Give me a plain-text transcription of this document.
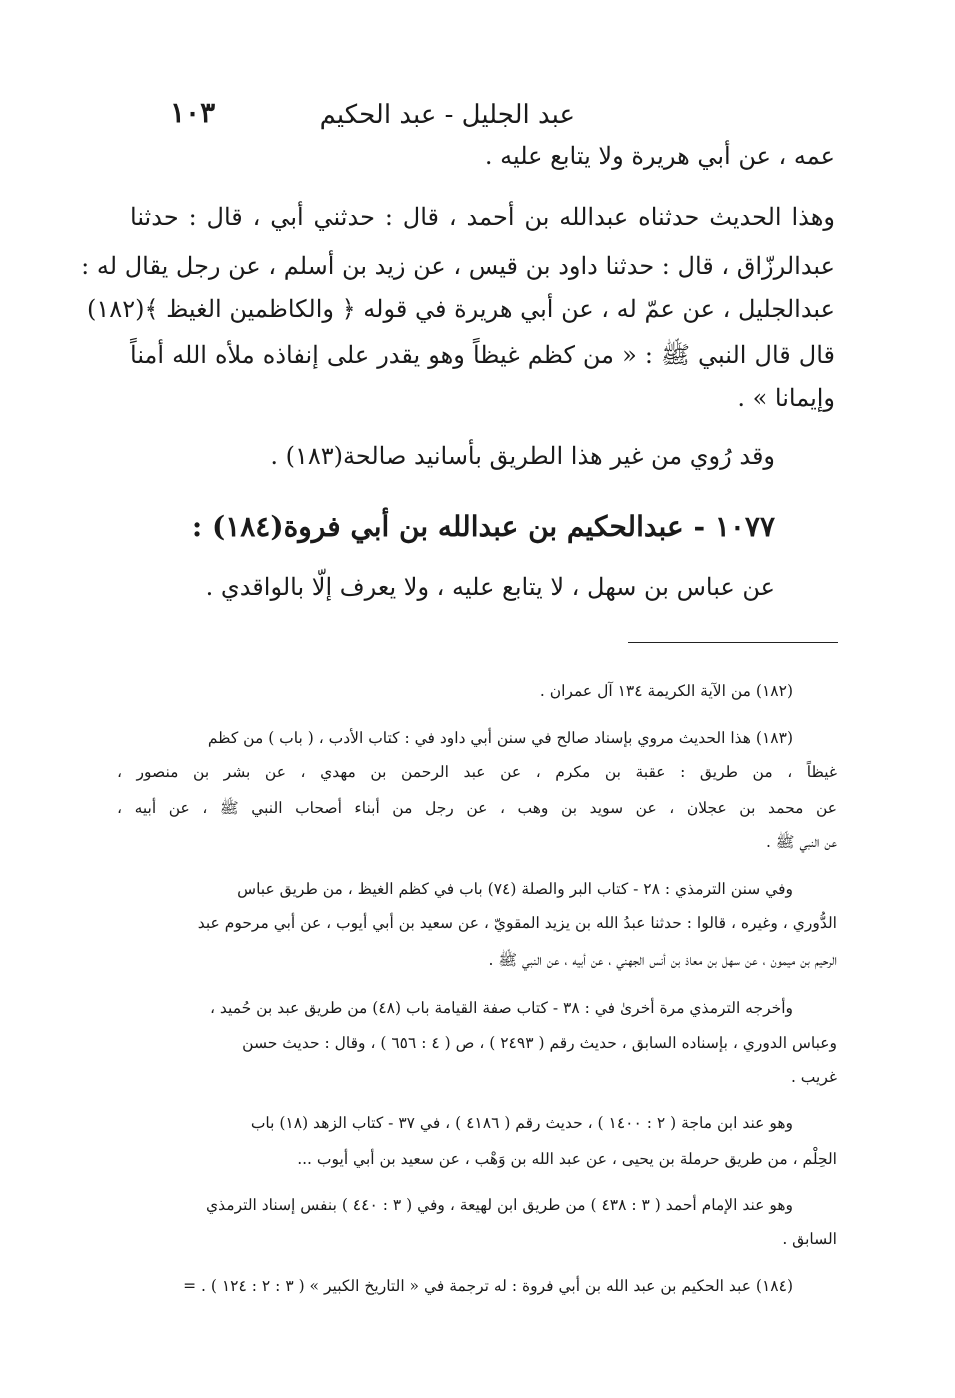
١٠٣	عبد الجليل - عبد الحكيم
عمه ، عن أبي هريرة ولا يتابع عليه .
وهذا الحديث حدثناه عبدالله بن أحمد ، قال : حدثني أبي ، قال : حدثنا
عبدالرزّاق ، قال : حدثنا داود بن قيس ، عن زيد بن أسلم ، عن رجل يقال له :
عبدالجليل ، عن عمّ له ، عن أبي هريرة في قوله ﴿ والكاظمين الغيظ ﴾(١٨٢)
قال قال النبي ﷺ : « من كظم غيظاً وهو يقدر على إنفاذه ملأه الله أمناً
وإيمانا » .
وقد رُوي من غير هذا الطريق بأسانيد صالحة(١٨٣) .
١٠٧٧ - عبدالحكيم بن عبدالله بن أبي فروة(١٨٤) :
عن عباس بن سهل ، لا يتابع عليه ، ولا يعرف إلّا بالواقدي .
(١٨٢) من الآية الكريمة ١٣٤ آل عمران .
(١٨٣) هذا الحديث مروي بإسناد صالح في سنن أبي داود في : كتاب الأدب ، ( باب ) من كظم
غيظاً ، من طريق : عقبة بن مكرم ، عن عبد الرحمن بن مهدي ، عن بشر بن منصور ،
عن محمد بن عجلان ، عن سويد بن وهب ، عن رجل من أبناء أصحاب النبي ﷺ ، عن أبيه ،
عن النبي ﷺ .
وفي سنن الترمذي : ٢٨ - كتاب البر والصلة (٧٤) باب في كظم الغيظ ، من طريق عباس
الدُّوري ، وغيره ، قالوا : حدثنا عبدُ الله بن يزيد المقويّ ، عن سعيد بن أبي أيوب ، عن أبي مرحوم عبد
الرحيم بن ميمون ، عن سهل بن معاذ بن أنس الجهني ، عن أبيه ، عن النبي ﷺ .
وأخرجه الترمذي مرة أخرىٰ في : ٣٨ - كتاب صفة القيامة باب (٤٨) من طريق عبد بن حُميد ،
وعباس الدوري ، بإسناده السابق ، حديث رقم ( ٢٤٩٣ ) ، ص ( ٤ : ٦٥٦ ) ، وقال : حديث حسن
غريب .
وهو عند ابن ماجة ( ٢ : ١٤٠٠ ) ، حديث رقم ( ٤١٨٦ ) ، في ٣٧ - كتاب الزهد (١٨) باب
الحِلْم ، من طريق حرملة بن يحيى ، عن عبد الله بن وَهْب ، عن سعيد بن أبي أيوب ...
وهو عند الإمام أحمد ( ٣ : ٤٣٨ ) من طريق ابن لهيعة ، وفي ( ٣ : ٤٤٠ ) بنفس إسناد الترمذي
السابق .
(١٨٤) عبد الحكيم بن عبد الله بن أبي فروة : له ترجمة في « التاريخ الكبير » ( ٣ : ٢ : ١٢٤ ) . =
